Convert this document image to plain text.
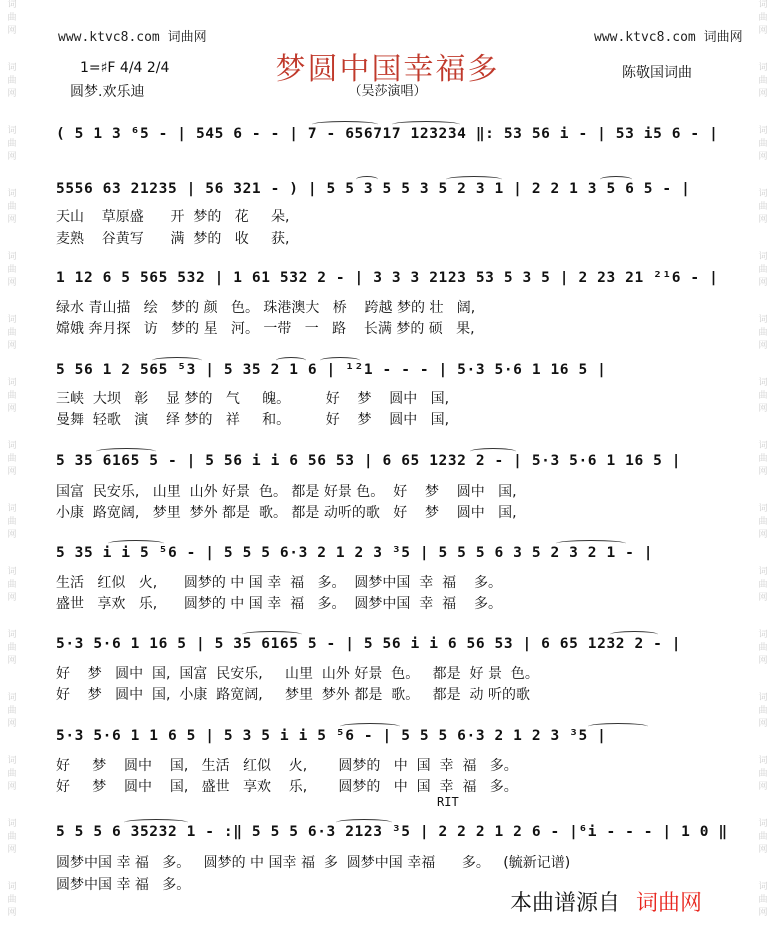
词
曲
网
词
曲
网
词
曲
网
词
曲
网
词
曲
网
词
曲
网
词
曲
网
词
曲
网
词
曲
网
词
曲
网
词
曲
网
词
曲
网
词
曲
网
词
曲
网
词
曲
网
词
曲
网
词
曲
网
词
曲
网
词
曲
网
词
曲
网
词
曲
网
词
曲
网
词
曲
网
词
曲
网
词
曲
网
词
曲
网
词
曲
网
词
曲
网
词
曲
网
词
曲
网
www.ktvc8.com 词曲网	www.ktvc8.com 词曲网
梦圆中国幸福多
1=♯F 4/4 2/4
圆梦.欢乐迪	（吴莎演唱）
陈敬国词曲
( 5 1 3 ⁶5 - | 545 6 - - | 7 - 656717 123234 ‖: 53 56 i - | 53 i5 6 - |
5556 63 21235 | 56 321 - ) | 5 5 3 5 5 3 5 2 3 1 | 2 2 1 3 5 6 5 - |
天山    草原盛      开  梦的   花     朵,
麦熟    谷黄写      满  梦的   收     获,
1 12 6 5 565 532 | 1 61 532 2 - | 3 3 3 2123 53 5 3 5 | 2 23 21 ²¹6 - |
绿水 青山描   绘   梦的 颜   色。 珠港澳大   桥    跨越 梦的 壮   阔,
嫦娥 奔月探   访   梦的 星   河。 一带   一   路    长满 梦的 硕   果,
5 56 1 2 565 ⁵3 | 5 35 2 1 6 | ¹²1 - - - | 5·3 5·6 1 16 5 |
三峡  大坝   彰    显 梦的   气     魄。        好    梦    圆中   国,
曼舞  轻歌   演    绎 梦的   祥     和。        好    梦    圆中   国,
5 35 6165 5 - | 5 56 i i 6 56 53 | 6 65 1232 2 - | 5·3 5·6 1 16 5 |
国富  民安乐,   山里  山外 好景  色。 都是 好景 色。  好    梦    圆中   国,
小康  路宽阔,   梦里  梦外 都是  歌。 都是 动听的歌   好    梦    圆中   国,
5 35 i i 5 ⁵6 - | 5 5 5 6·3 2 1 2 3 ³5 | 5 5 5 6 3 5 2 3 2 1 - |
生活   红似   火,      圆梦的 中 国 幸  福   多。  圆梦中国  幸  福    多。
盛世   享欢   乐,      圆梦的 中 国 幸  福   多。  圆梦中国  幸  福    多。
5·3 5·6 1 16 5 | 5 35 6165 5 - | 5 56 i i 6 56 53 | 6 65 1232 2 - |
好    梦   圆中  国,  国富  民安乐,     山里  山外 好景  色。   都是  好 景  色。
好    梦   圆中  国,  小康  路宽阔,     梦里  梦外 都是  歌。   都是  动 听的歌
5·3 5·6 1 1 6 5 | 5 3 5 i i 5 ⁵6 - | 5 5 5 6·3 2 1 2 3 ³5 |
好     梦    圆中    国,   生活   红似    火,       圆梦的   中  国  幸  福   多。
好     梦    圆中    国,   盛世   享欢    乐,       圆梦的   中  国  幸  福   多。
RIT
5 5 5 6 35232 1 - :‖ 5 5 5 6·3 2123 ³5 | 2 2 2 1 2 6 - |⁶i - - - | 1 0 ‖
圆梦中国 幸 福   多。   圆梦的 中 国幸 福  多  圆梦中国 幸福      多。   (毓新记谱)
圆梦中国 幸 福   多。
本曲谱源自 词曲网
